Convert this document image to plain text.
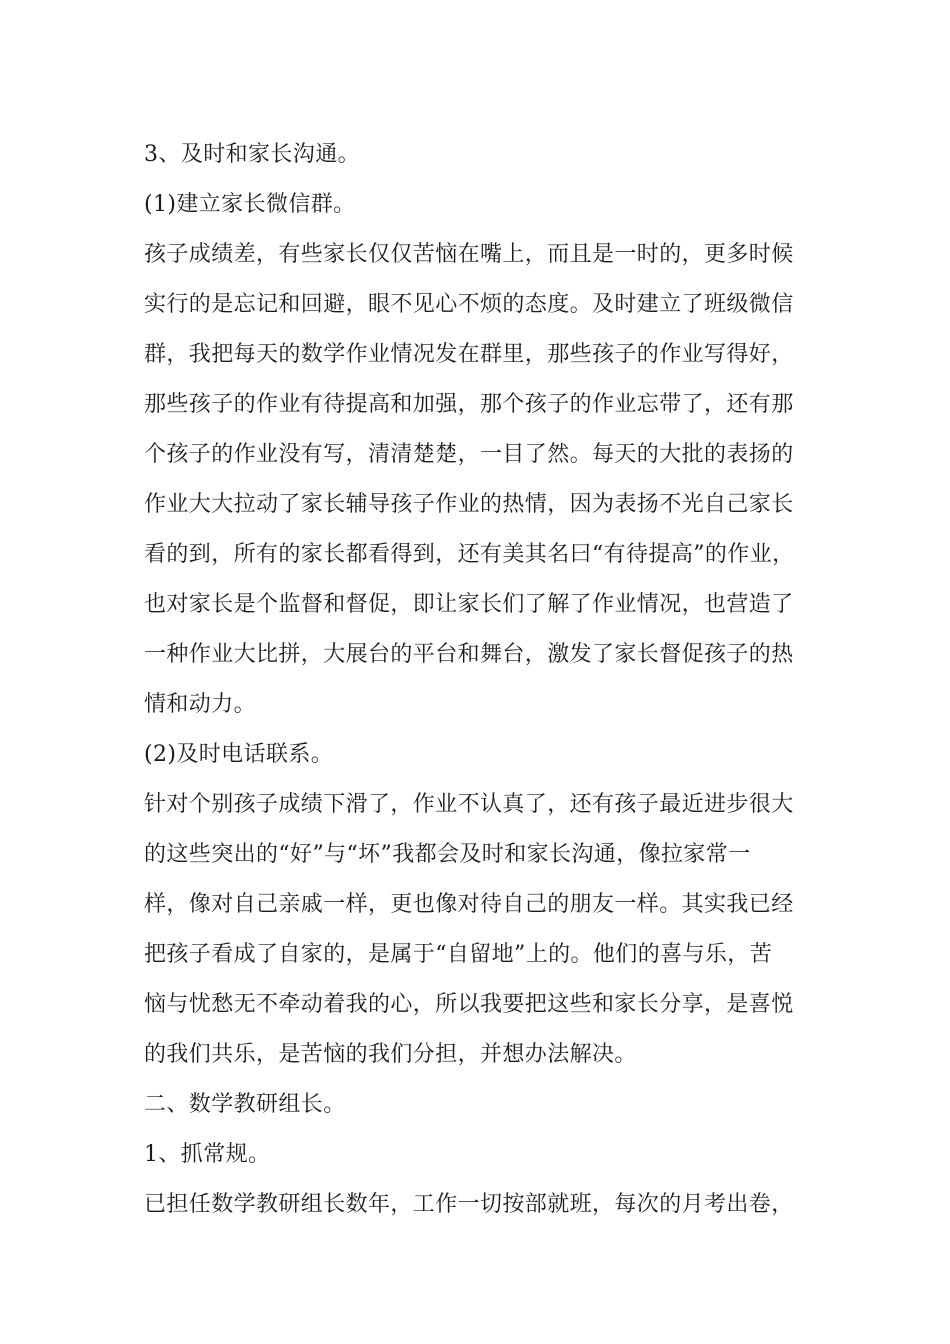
3、及时和家长沟通。
(1)建立家长微信群。
孩子成绩差，有些家长仅仅苦恼在嘴上，而且是一时的，更多时候
实行的是忘记和回避，眼不见心不烦的态度。及时建立了班级微信
群，我把每天的数学作业情况发在群里，那些孩子的作业写得好，
那些孩子的作业有待提高和加强，那个孩子的作业忘带了，还有那
个孩子的作业没有写，清清楚楚，一目了然。每天的大批的表扬的
作业大大拉动了家长辅导孩子作业的热情，因为表扬不光自己家长
看的到，所有的家长都看得到，还有美其名曰“有待提高”的作业，
也对家长是个监督和督促，即让家长们了解了作业情况，也营造了
一种作业大比拼，大展台的平台和舞台，激发了家长督促孩子的热
情和动力。
(2)及时电话联系。
针对个别孩子成绩下滑了，作业不认真了，还有孩子最近进步很大
的这些突出的“好”与“坏”我都会及时和家长沟通，像拉家常一
样，像对自己亲戚一样，更也像对待自己的朋友一样。其实我已经
把孩子看成了自家的，是属于“自留地”上的。他们的喜与乐，苦
恼与忧愁无不牵动着我的心，所以我要把这些和家长分享，是喜悦
的我们共乐，是苦恼的我们分担，并想办法解决。
二、数学教研组长。
1、抓常规。
已担任数学教研组长数年，工作一切按部就班，每次的月考出卷，
